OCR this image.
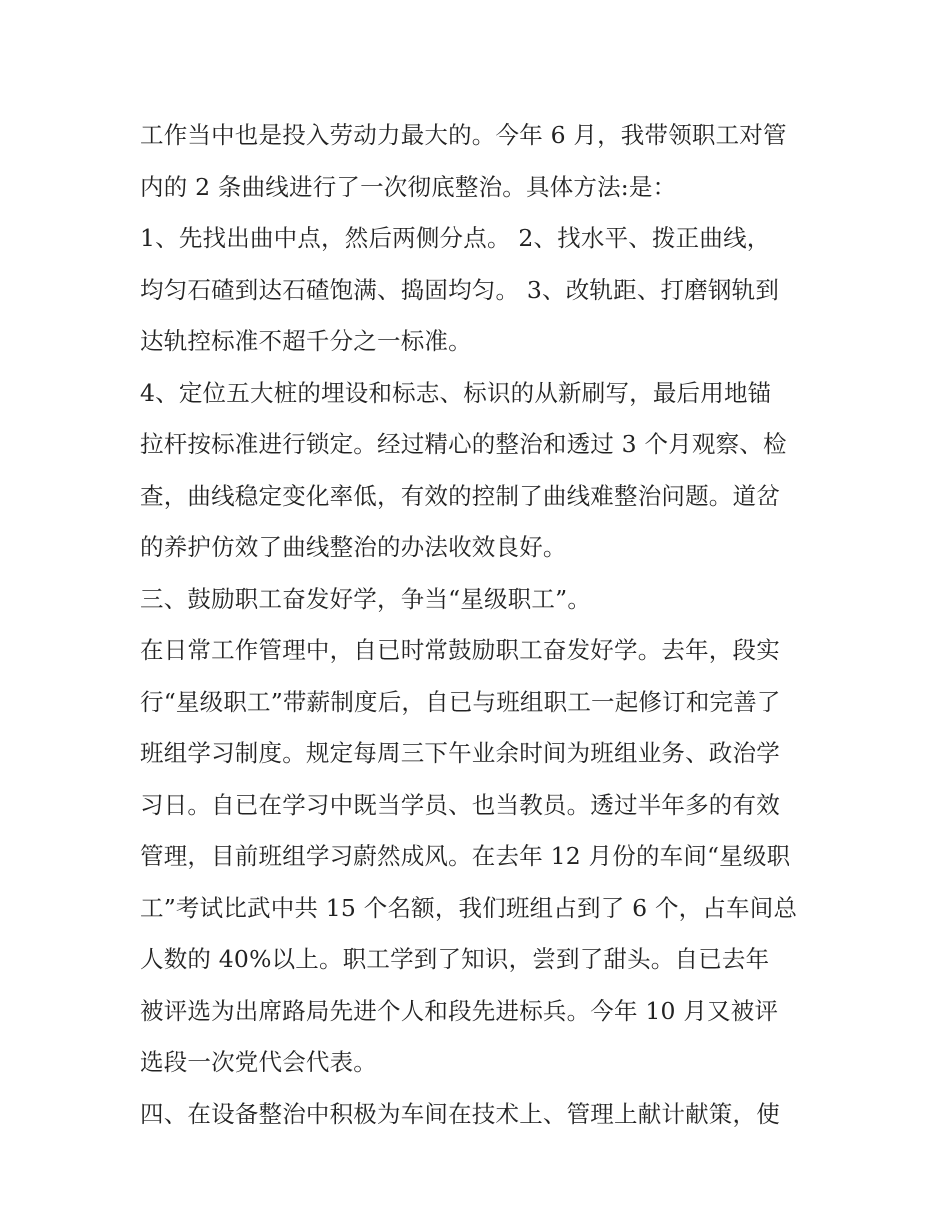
工作当中也是投入劳动力最大的。今年 6 月，我带领职工对管
内的 2 条曲线进行了一次彻底整治。具体方法:是：
1、先找出曲中点，然后两侧分点。 2、找水平、拨正曲线，
均匀石碴到达石碴饱满、捣固均匀。 3、改轨距、打磨钢轨到
达轨控标准不超千分之一标准。
4、定位五大桩的埋设和标志、标识的从新刷写，最后用地锚
拉杆按标准进行锁定。经过精心的整治和透过 3 个月观察、检
查，曲线稳定变化率低，有效的控制了曲线难整治问题。道岔
的养护仿效了曲线整治的办法收效良好。
三、鼓励职工奋发好学，争当“星级职工”。
在日常工作管理中，自已时常鼓励职工奋发好学。去年，段实
行“星级职工”带薪制度后，自已与班组职工一起修订和完善了
班组学习制度。规定每周三下午业余时间为班组业务、政治学
习日。自已在学习中既当学员、也当教员。透过半年多的有效
管理，目前班组学习蔚然成风。在去年 12 月份的车间“星级职
工”考试比武中共 15 个名额，我们班组占到了 6 个，占车间总
人数的 40%以上。职工学到了知识，尝到了甜头。自已去年
被评选为出席路局先进个人和段先进标兵。今年 10 月又被评
选段一次党代会代表。
四、在设备整治中积极为车间在技术上、管理上献计献策，使
